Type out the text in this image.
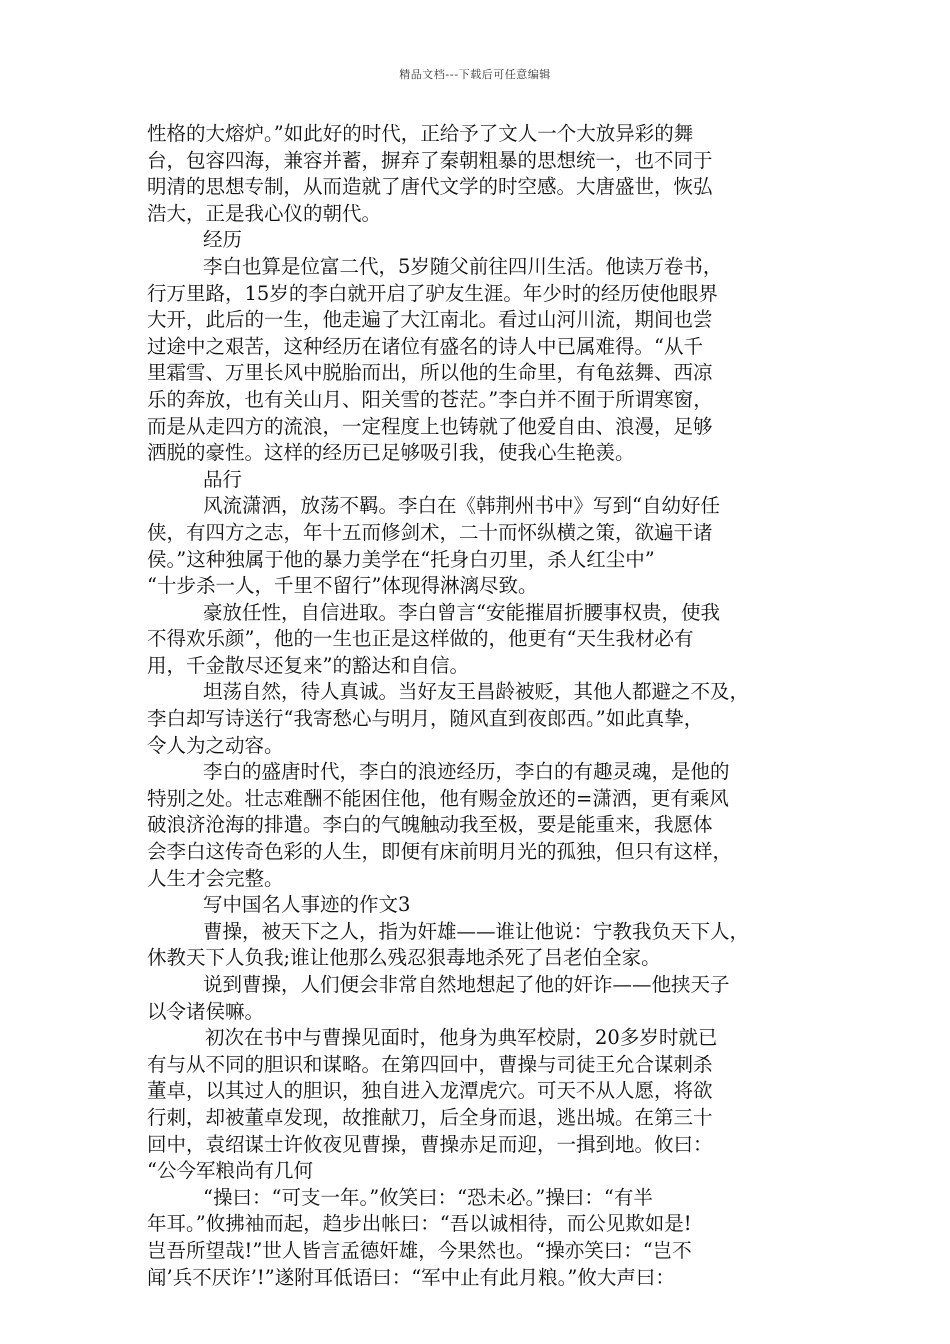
精品文档---下载后可任意编辑
性格的大熔炉。”如此好的时代，正给予了文人一个大放异彩的舞
台，包容四海，兼容并蓄，摒弃了秦朝粗暴的思想统一，也不同于
明清的思想专制，从而造就了唐代文学的时空感。大唐盛世，恢弘
浩大，正是我心仪的朝代。
经历
李白也算是位富二代，5岁随父前往四川生活。他读万卷书，
行万里路，15岁的李白就开启了驴友生涯。年少时的经历使他眼界
大开，此后的一生，他走遍了大江南北。看过山河川流，期间也尝
过途中之艰苦，这种经历在诸位有盛名的诗人中已属难得。“从千
里霜雪、万里长风中脱胎而出，所以他的生命里，有龟兹舞、西凉
乐的奔放，也有关山月、阳关雪的苍茫。”李白并不囿于所谓寒窗，
而是从走四方的流浪，一定程度上也铸就了他爱自由、浪漫，足够
洒脱的豪性。这样的经历已足够吸引我，使我心生艳羡。
品行
风流潇洒，放荡不羁。李白在《韩荆州书中》写到“自幼好任
侠，有四方之志，年十五而修剑术，二十而怀纵横之策，欲遍干诸
侯。”这种独属于他的暴力美学在“托身白刃里，杀人红尘中”
“十步杀一人，千里不留行”体现得淋漓尽致。
豪放任性，自信进取。李白曾言“安能摧眉折腰事权贵，使我
不得欢乐颜”，他的一生也正是这样做的，他更有“天生我材必有
用，千金散尽还复来”的豁达和自信。
坦荡自然，待人真诚。当好友王昌龄被贬，其他人都避之不及，
李白却写诗送行“我寄愁心与明月，随风直到夜郎西。”如此真挚，
令人为之动容。
李白的盛唐时代，李白的浪迹经历，李白的有趣灵魂，是他的
特别之处。壮志难酬不能困住他，他有赐金放还的=潇洒，更有乘风
破浪济沧海的排遣。李白的气魄触动我至极，要是能重来，我愿体
会李白这传奇色彩的人生，即便有床前明月光的孤独，但只有这样，
人生才会完整。
写中国名人事迹的作文3
曹操，被天下之人，指为奸雄——谁让他说：宁教我负天下人，
休教天下人负我;谁让他那么残忍狠毒地杀死了吕老伯全家。
说到曹操，人们便会非常自然地想起了他的奸诈——他挟天子
以令诸侯嘛。
初次在书中与曹操见面时，他身为典军校尉，20多岁时就已
有与从不同的胆识和谋略。在第四回中，曹操与司徒王允合谋刺杀
董卓，以其过人的胆识，独自进入龙潭虎穴。可天不从人愿，将欲
行刺，却被董卓发现，故推献刀，后全身而退，逃出城。在第三十
回中，袁绍谋士许攸夜见曹操，曹操赤足而迎，一揖到地。攸曰：
“公今军粮尚有几何
“操曰：“可支一年。”攸笑曰：“恐未必。”操曰：“有半
年耳。”攸拂袖而起，趋步出帐曰：“吾以诚相待，而公见欺如是!
岂吾所望哉!”世人皆言孟德奸雄，今果然也。“操亦笑曰：“岂不
闻’兵不厌诈’!”遂附耳低语曰：“军中止有此月粮。”攸大声曰：
